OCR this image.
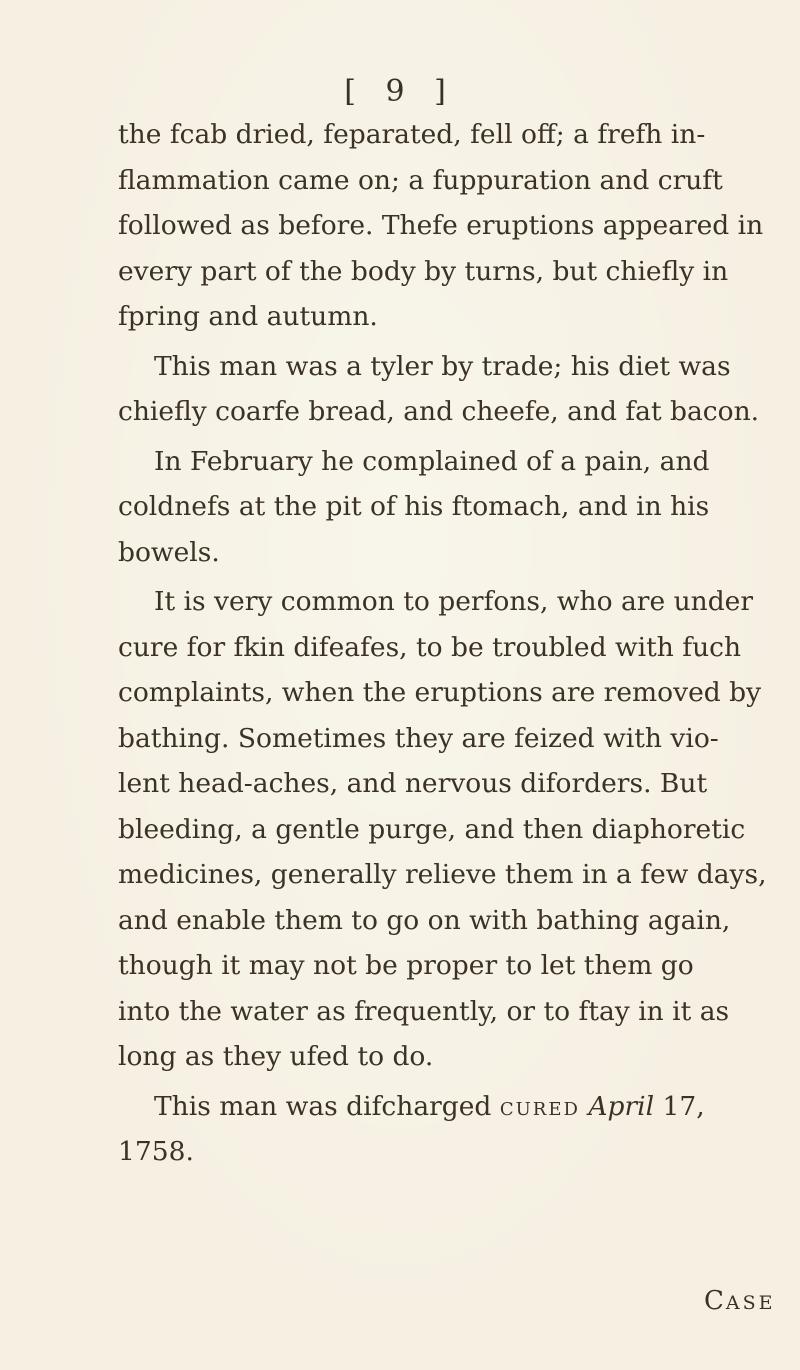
[ 9 ]
the fcab dried, feparated, fell off; a frefh in-
flammation came on; a fuppuration and cruft
followed as before. Thefe eruptions appeared in
every part of the body by turns, but chiefly in
fpring and autumn.
This man was a tyler by trade; his diet was
chiefly coarfe bread, and cheefe, and fat bacon.
In February he complained of a pain, and
coldnefs at the pit of his ftomach, and in his
bowels.
It is very common to perfons, who are under
cure for fkin difeafes, to be troubled with fuch
complaints, when the eruptions are removed by
bathing. Sometimes they are feized with vio-
lent head-aches, and nervous diforders. But
bleeding, a gentle purge, and then diaphoretic
medicines, generally relieve them in a few days,
and enable them to go on with bathing again,
though it may not be proper to let them go
into the water as frequently, or to ftay in it as
long as they ufed to do.
This man was difcharged CURED April 17,
1758.
CASE
